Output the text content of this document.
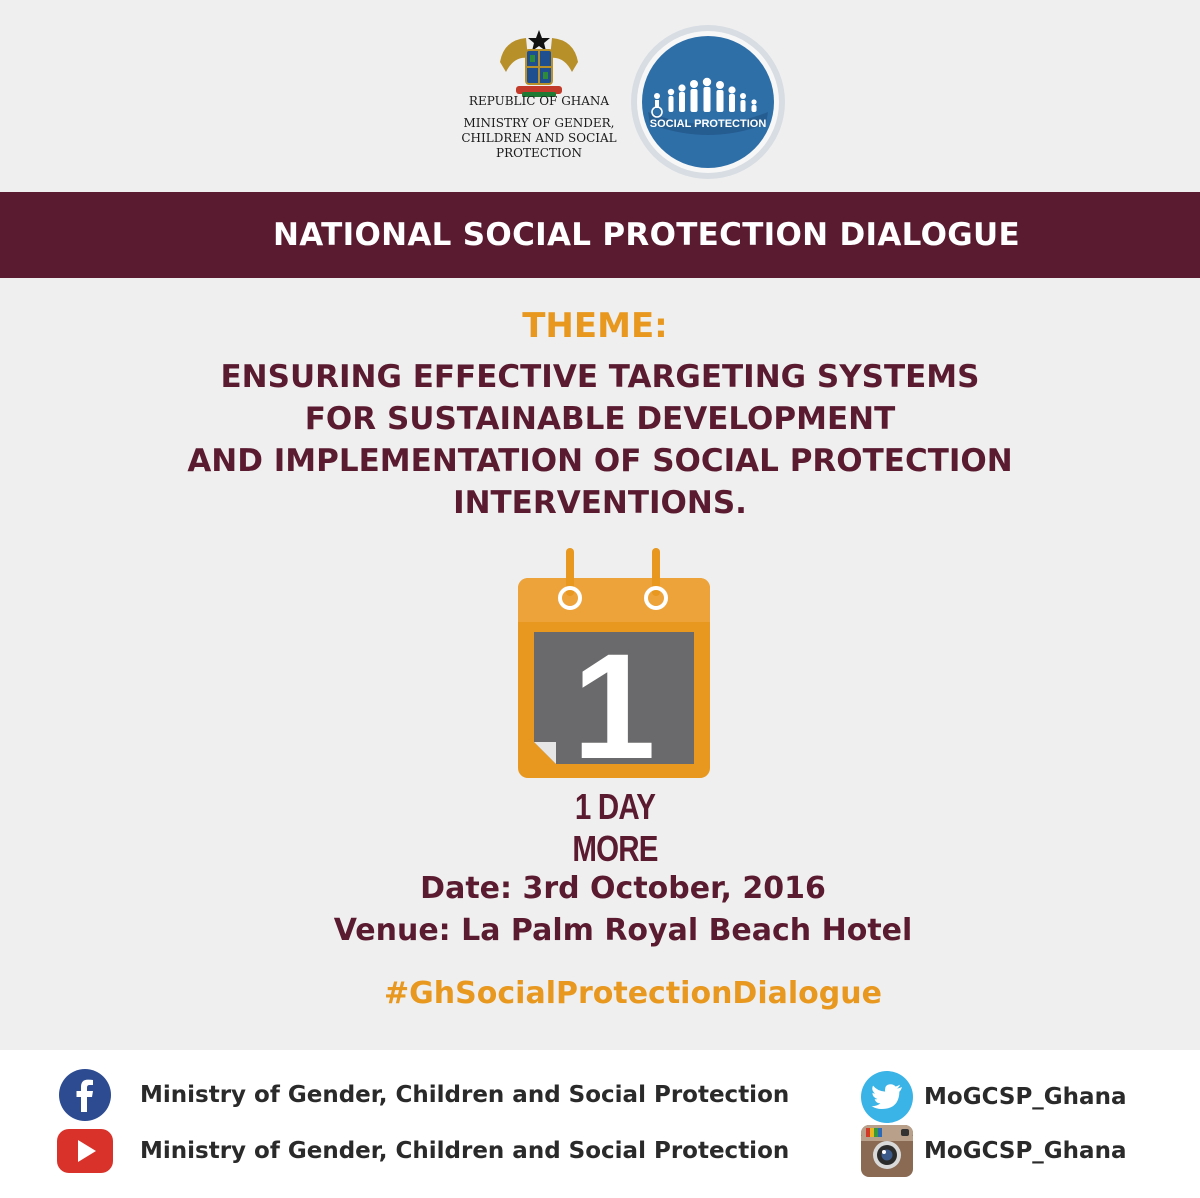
REPUBLIC OF GHANA
MINISTRY OF GENDER,
CHILDREN AND SOCIAL
PROTECTION
SOCIAL PROTECTION
NATIONAL SOCIAL PROTECTION DIALOGUE
THEME:
ENSURING EFFECTIVE TARGETING SYSTEMS
FOR SUSTAINABLE DEVELOPMENT
AND IMPLEMENTATION OF SOCIAL PROTECTION
INTERVENTIONS.
1
1 DAY MORE
Date: 3rd October, 2016
Venue: La Palm Royal Beach Hotel
#GhSocialProtectionDialogue
Ministry of Gender, Children and Social Protection
Ministry of Gender, Children and Social Protection
MoGCSP_Ghana
MoGCSP_Ghana
